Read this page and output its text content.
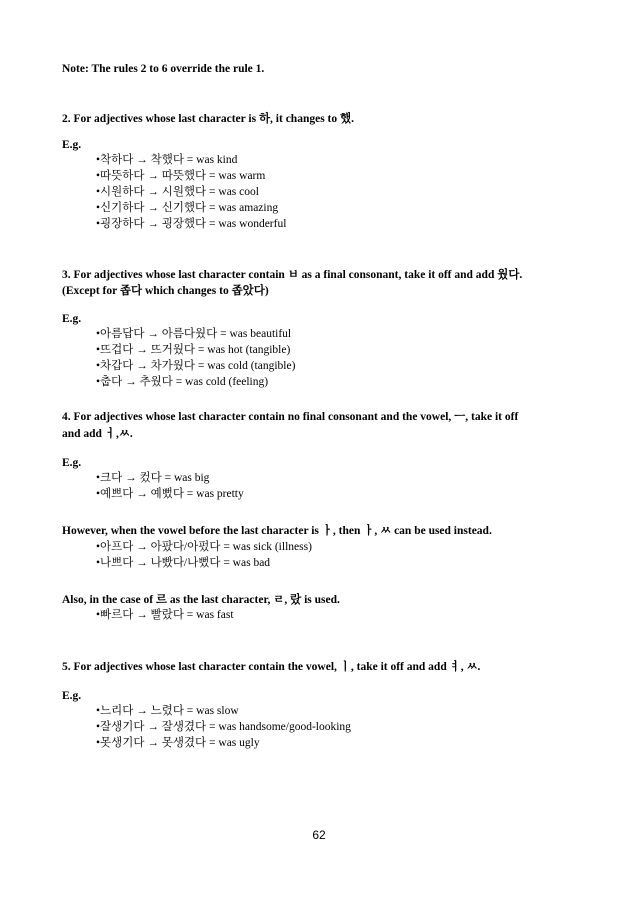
Note: The rules 2 to 6 override the rule 1.
2. For adjectives whose last character is 하, it changes to 했.
E.g.
•착하다 → 착했다 = was kind
•따뜻하다 → 따뜻했다 = was warm
•시원하다 → 시원했다 = was cool
•신기하다 → 신기했다 = was amazing
•굉장하다 → 굉장했다 = was wonderful
3. For adjectives whose last character contain ㅂ as a final consonant, take it off and add 웠다.
(Except for 좁다 which changes to 좁았다)
E.g.
•아름답다 → 아름다웠다 = was beautiful
•뜨겁다 → 뜨거웠다 = was hot (tangible)
•차갑다 → 차가웠다 = was cold (tangible)
•춥다 → 추웠다 = was cold (feeling)
4. For adjectives whose last character contain no final consonant and the vowel, ㅡ, take it off
and add ㅓ,ㅆ.
E.g.
•크다 → 컸다 = was big
•예쁘다 → 예뻤다 = was pretty
However, when the vowel before the last character is ㅏ, then ㅏ, ㅆ can be used instead.
•아프다 → 아팠다/아펐다 = was sick (illness)
•나쁘다 → 나빴다/나뻤다 = was bad
Also, in the case of 르 as the last character, ㄹ, 랐 is used.
•빠르다 → 빨랐다 = was fast
5. For adjectives whose last character contain the vowel, ㅣ, take it off and add ㅕ, ㅆ.
E.g.
•느리다 → 느렸다 = was slow
•잘생기다 → 잘생겼다 = was handsome/good-looking
•못생기다 → 못생겼다 = was ugly
62
